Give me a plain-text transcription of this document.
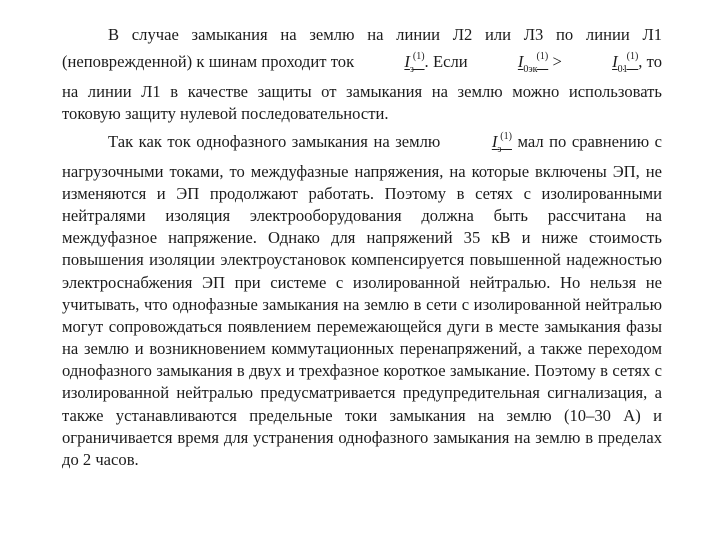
В случае замыкания на землю на линии Л2 или Л3 по линии Л1 (неповрежденной) к шинам проходит ток	$I_з^{(1)}$. Если	$I_{0эк}^{(1)}$ >	$I_{01}^{(1)}$, то на линии Л1 в качестве защиты от замыкания на землю можно использовать токовую защиту нулевой последовательности.

Так как ток однофазного замыкания на землю	$I_з^{(1)}$ мал по сравнению с нагрузочными токами, то междуфазные напряжения, на которые включены ЭП, не изменяются и ЭП продолжают работать. Поэтому в сетях с изолированными нейтралями изоляция электрооборудования должна быть рассчитана на междуфазное напряжение. Однако для напряжений 35 кВ и ниже стоимость повышения изоляции электроустановок компенсируется повышенной надежностью электроснабжения ЭП при системе с изолированной нейтралью. Но нельзя не учитывать, что однофазные замыкания на землю в сети с изолированной нейтралью могут сопровождаться появлением перемежающейся дуги в месте замыкания фазы на землю и возникновением коммутационных перенапряжений, а также переходом однофазного замыкания в двух и трехфазное короткое замыкание. Поэтому в сетях с изолированной нейтралью предусматривается предупредительная сигнализация, а также устанавливаются предельные токи замыкания на землю (10–30 А) и ограничивается время для устранения однофазного замыкания на землю в пределах до 2 часов.
